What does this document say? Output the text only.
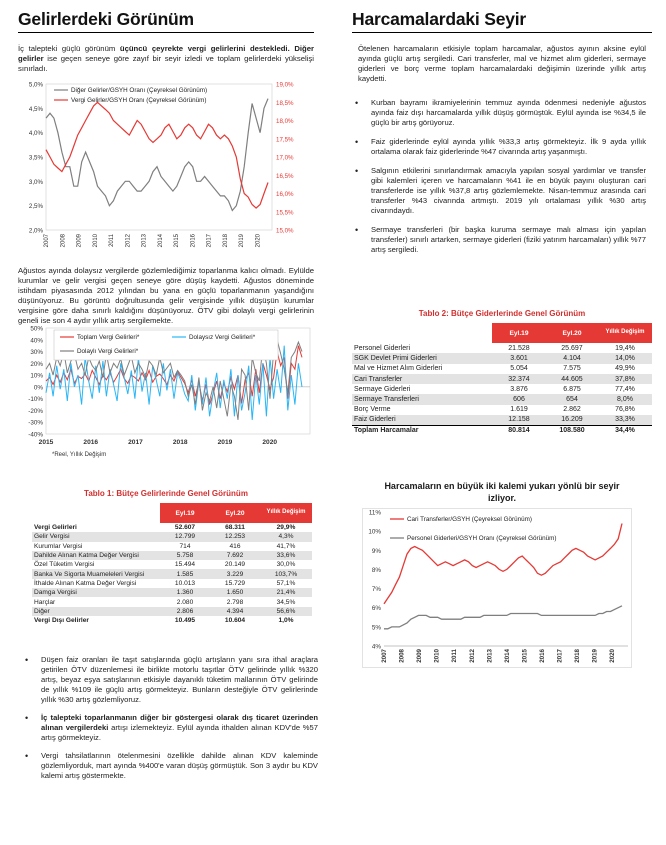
Gelirlerdeki Görünüm
İç talepteki güçlü görünüm üçüncü çeyrekte vergi gelirlerini destekledi. Diğer gelirler ise geçen seneye göre zayıf bir seyir izledi ve toplam gelirlerdeki yükselişi sınırladı.
2,0%
2,5%
3,0%
3,5%
4,0%
4,5%
5,0%
15,0%
15,5%
16,0%
16,5%
17,0%
17,5%
18,0%
18,5%
19,0%
2007 2008 2009 2010 2011 2012 2013 2014 2015 2016 2017 2018 2019 2020
Diğer Gelirler/GSYH Oranı (Çeyreksel Görünüm)
Vergi Gelirler/GSYH Oranı (Çeyreksel Görünüm)
Ağustos ayında dolaysız vergilerde gözlemlediğimiz toparlanma kalıcı olmadı. Eylülde kurumlar ve gelir vergisi geçen seneye göre düşüş kaydetti. Ağustos döneminde istihdam piyasasında 2012 yılından bu yana en güçlü toparlanmanın yaşandığını düşünüyoruz. Bu görüntü doğrultusunda gelir vergisinde yıllık düşüşün kurumlar vergisine göre daha sınırlı kaldığını düşünüyoruz. ÖTV gibi dolaylı vergi gelirlerinin geneli ise son 4 aydır yıllık artış sergilemekte.
-40%
-30%
-20%
-10%
0%
10%
20%
30%
40%
50%
2015	2016	2017	2018	2019	2020
Toplam Vergi Gelirleri*	Dolaysız Vergi Gelirleri*
Dolaylı Vergi Gelirleri*
*Reel, Yıllık Değişim
Tablo 1: Bütçe Gelirlerinde Genel Görünüm
	Eyl.19	Eyl.20	Yıllık Değişim
Vergi Gelirleri	52.607	68.311	29,9%
Gelir Vergisi	12.799	12.253	4,3%
Kurumlar Vergisi	714	416	41,7%
Dahilde Alınan Katma Değer Vergisi	5.758	7.692	33,6%
Özel Tüketim Vergisi	15.494	20.149	30,0%
Banka Ve Sigorta Muameleleri Vergisi	1.585	3.229	103,7%
İthalde Alınan Katma Değer Vergisi	10.013	15.729	57,1%
Damga Vergisi	1.360	1.650	21,4%
Harçlar	2.080	2.798	34,5%
Diğer	2.806	4.394	56,6%
Vergi Dışı Gelirler	10.495	10.604	1,0%
• Düşen faiz oranları ile taşıt satışlarında güçlü artışların yanı sıra ithal araçlara getirilen ÖTV düzenlemesi ile birlikte motorlu taşıtlar ÖTV gelirinde yıllık %320 artış, beyaz eşya satışlarının etkisiyle dayanıklı tüketim mallarının ÖTV gelirinde de yıllık %109 ile güçlü artış görmekteyiz. Bunların desteğiyle ÖTV gelirlerinde yıllık %30 artış gözlemliyoruz.
• İç talepteki toparlanmanın diğer bir göstergesi olarak dış ticaret üzerinden alınan vergilerdeki artışı izlemekteyiz. Eylül ayında ithalden alınan KDV'de %57 artış görmekteyiz.
• Vergi tahsilatlarının ötelenmesini özellikle dahilde alınan KDV kaleminde gözlemliyorduk, mart ayında %400'e varan düşüş görmüştük. Son 3 aydır bu KDV kalemi artış göstermekte.
Harcamalardaki Seyir
Ötelenen harcamaların etkisiyle toplam harcamalar, ağustos ayının aksine eylül ayında güçlü artış sergiledi. Cari transferler, mal ve hizmet alım giderleri, sermaye giderleri ve borç verme toplam harcamalardaki değişimin üzerinde yıllık artış kaydetti.
• Kurban bayramı ikramiyelerinin temmuz ayında ödenmesi nedeniyle ağustos ayında faiz dışı harcamalarda yıllık düşüş görmüştük. Eylül ayında ise %34,5 ile güçlü bir artış görüyoruz.
• Faiz giderlerinde eylül ayında yıllık %33,3 artış görmekteyiz. İlk 9 ayda yıllık ortalama olarak faiz giderlerinde %47 civarında artış yaşanmıştı.
• Salgının etkilerini sınırlandırmak amacıyla yapılan sosyal yardımlar ve transfer gibi kalemleri içeren ve harcamaların %41 ile en büyük payını oluşturan cari transferlerde ise yıllık %37,8 artış gözlemlemekte. Nisan-temmuz arasında cari transferler %43 civarında artmıştı. 2019 yılı ortalaması yıllık %30 artış civarındaydı.
• Sermaye transferleri (bir başka kuruma sermaye malı alması için yapılan transferler) sınırlı artarken, sermaye giderleri (fiziki yatırım harcamaları) yıllık %77 artış sergiledi.
Tablo 2: Bütçe Giderlerinde Genel Görünüm
	Eyl.19	Eyl.20	Yıllık Değişim
Personel Giderleri	21.528	25.697	19,4%
SGK Devlet Primi Giderleri	3.601	4.104	14,0%
Mal ve Hizmet Alım Giderleri	5.054	7.575	49,9%
Cari Transferler	32.374	44.605	37,8%
Sermaye Giderleri	3.876	6.875	77,4%
Sermaye Transferleri	606	654	8,0%
Borç Verme	1.619	2.862	76,8%
Faiz Giderleri	12.158	16.209	33,3%
Toplam Harcamalar	80.814	108.580	34,4%
Harcamaların en büyük iki kalemi yukarı yönlü bir seyir
izliyor.
4%
5%
6%
7%
8%
9%
10%
11%
2007 2008 2009 2010 2011 2012 2013 2014 2015 2016 2017 2018 2019 2020
Cari Transferler/GSYH (Çeyreksel Görünüm)
Personel Giderleri/GSYH Oranı (Çeyreksel Görünüm)
